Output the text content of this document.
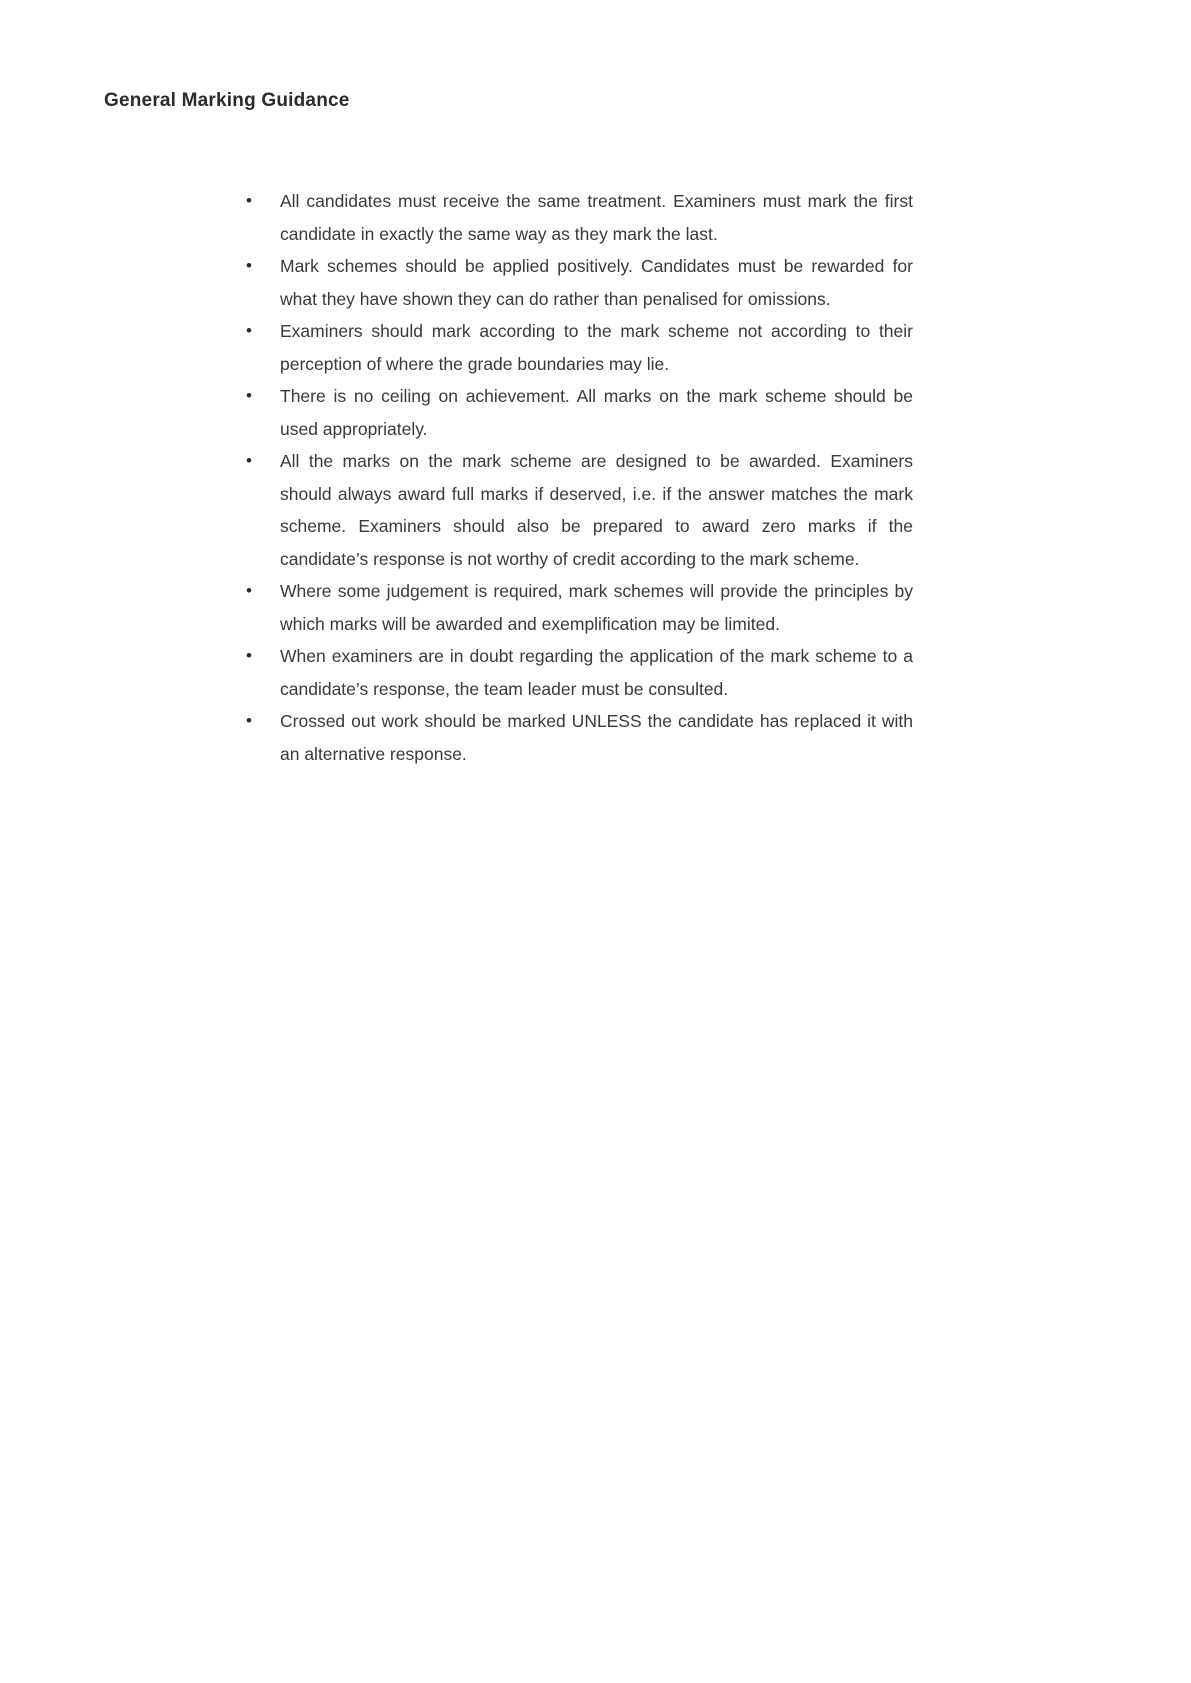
General Marking Guidance
•	All candidates must receive the same treatment. Examiners must mark the first candidate in exactly the same way as they mark the last.
•	Mark schemes should be applied positively. Candidates must be rewarded for what they have shown they can do rather than penalised for omissions.
•	Examiners should mark according to the mark scheme not according to their perception of where the grade boundaries may lie.
•	There is no ceiling on achievement. All marks on the mark scheme should be used appropriately.
•	All the marks on the mark scheme are designed to be awarded. Examiners should always award full marks if deserved, i.e. if the answer matches the mark scheme. Examiners should also be prepared to award zero marks if the candidate’s response is not worthy of credit according to the mark scheme.
•	Where some judgement is required, mark schemes will provide the principles by which marks will be awarded and exemplification may be limited.
•	When examiners are in doubt regarding the application of the mark scheme to a candidate’s response, the team leader must be consulted.
•	Crossed out work should be marked UNLESS the candidate has replaced it with an alternative response.
